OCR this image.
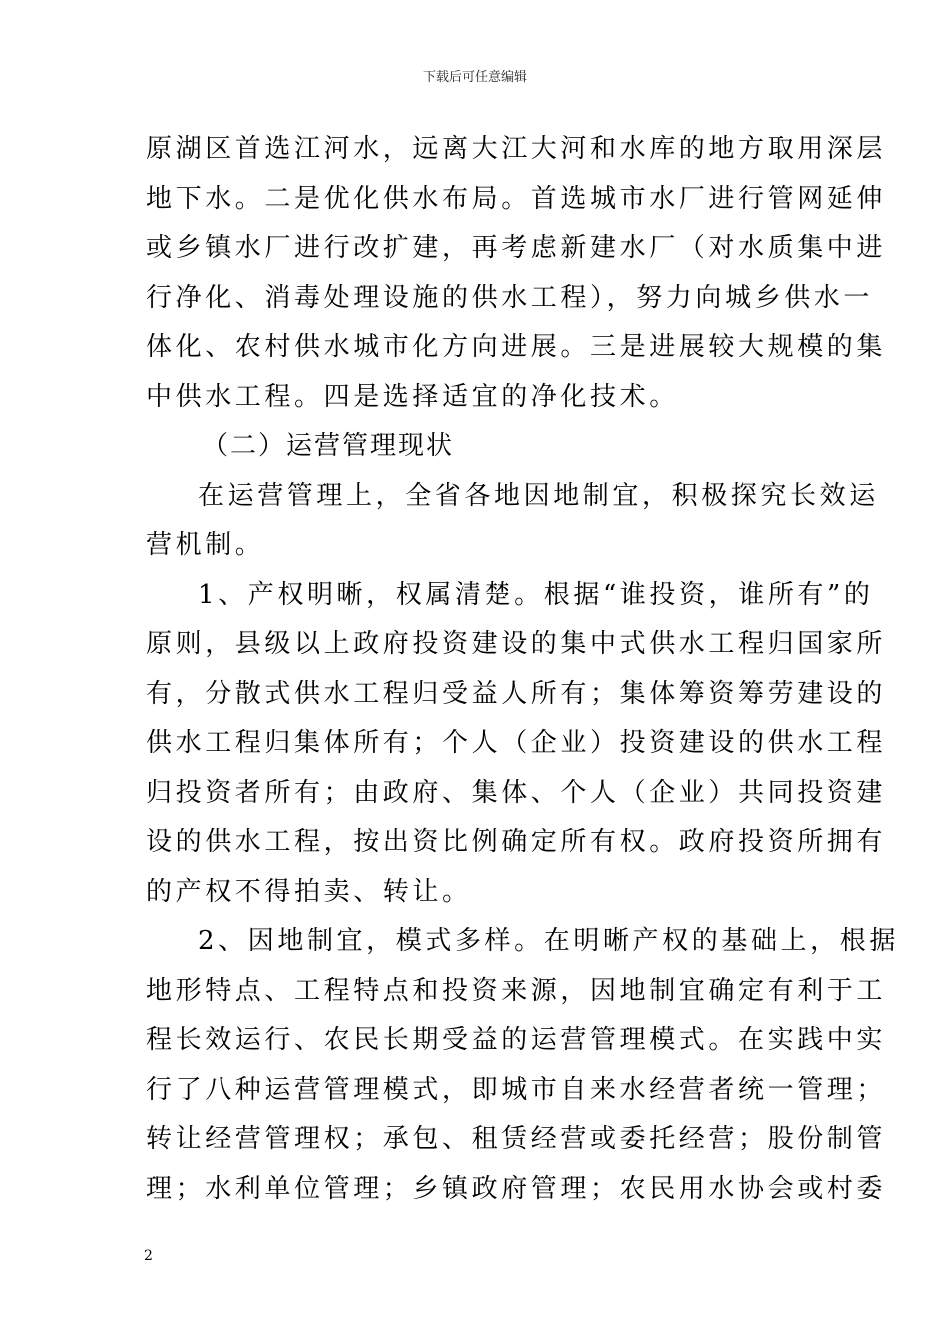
下载后可任意编辑
原湖区首选江河水，远离大江大河和水库的地方取用深层
地下水。二是优化供水布局。首选城市水厂进行管网延伸
或乡镇水厂进行改扩建，再考虑新建水厂（对水质集中进
行净化、消毒处理设施的供水工程），努力向城乡供水一
体化、农村供水城市化方向进展。三是进展较大规模的集
中供水工程。四是选择适宜的净化技术。
（二）运营管理现状
在运营管理上，全省各地因地制宜，积极探究长效运
营机制。
1、产权明晰，权属清楚。根据“谁投资，谁所有”的
原则，县级以上政府投资建设的集中式供水工程归国家所
有，分散式供水工程归受益人所有；集体筹资筹劳建设的
供水工程归集体所有；个人（企业）投资建设的供水工程
归投资者所有；由政府、集体、个人（企业）共同投资建
设的供水工程，按出资比例确定所有权。政府投资所拥有
的产权不得拍卖、转让。
2、因地制宜，模式多样。在明晰产权的基础上，根据
地形特点、工程特点和投资来源，因地制宜确定有利于工
程长效运行、农民长期受益的运营管理模式。在实践中实
行了八种运营管理模式，即城市自来水经营者统一管理；
转让经营管理权；承包、租赁经营或委托经营；股份制管
理；水利单位管理；乡镇政府管理；农民用水协会或村委
2
